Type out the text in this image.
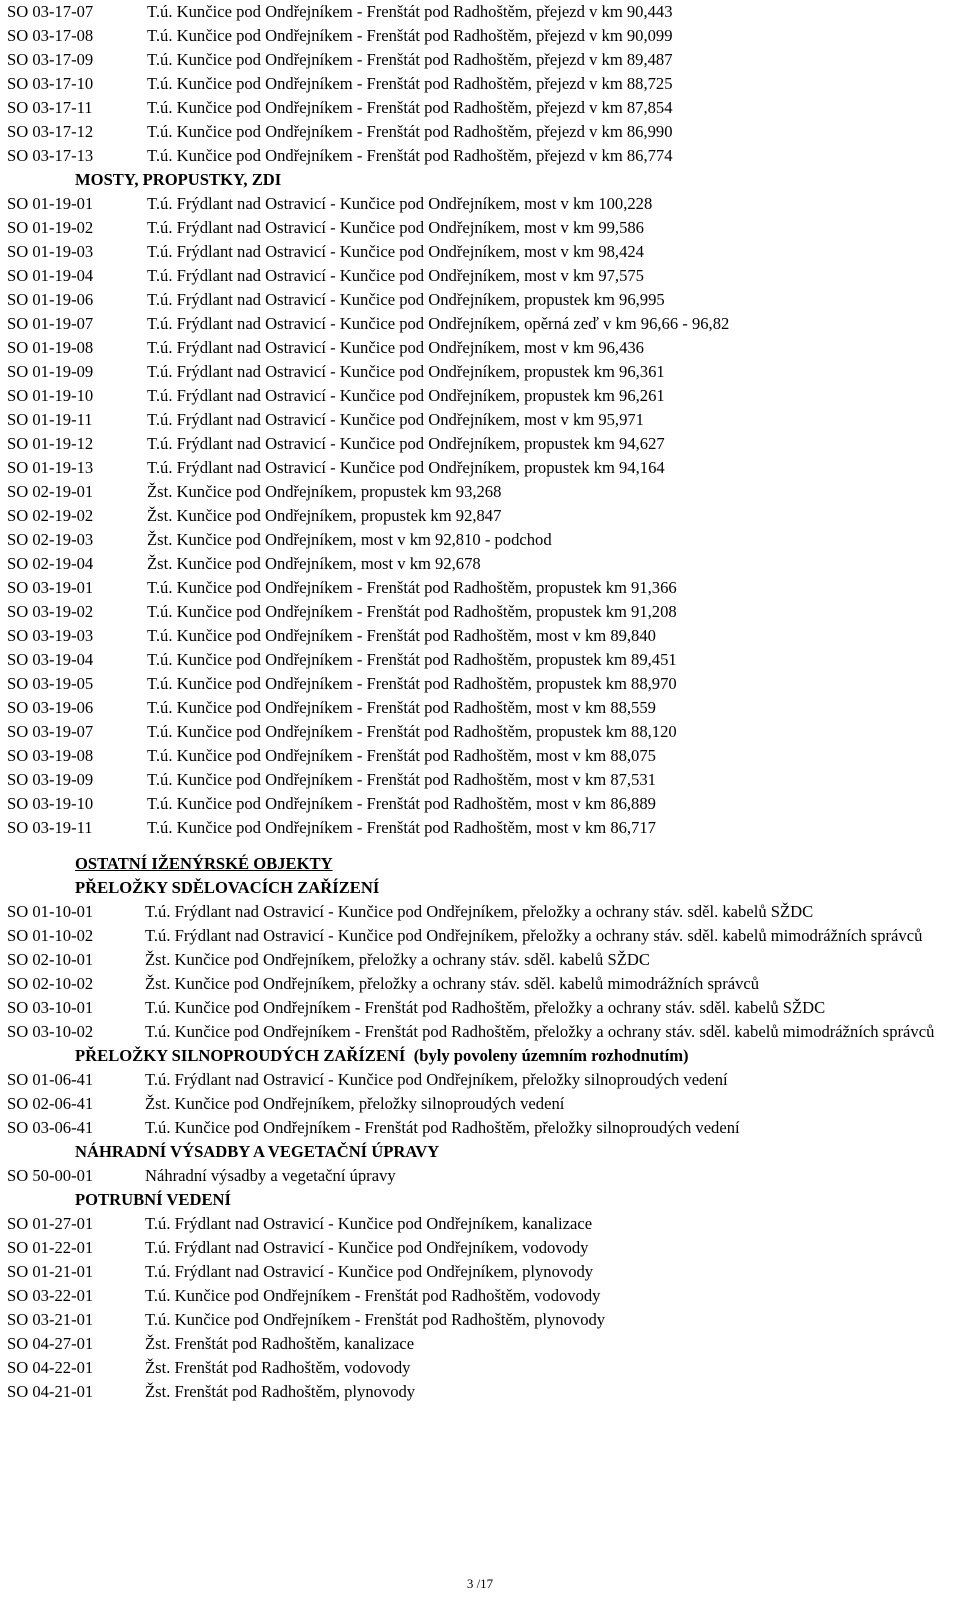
SO 03-17-07	T.ú. Kunčice pod Ondřejníkem - Frenštát pod Radhoštěm, přejezd v km 90,443
SO 03-17-08	T.ú. Kunčice pod Ondřejníkem - Frenštát pod Radhoštěm, přejezd v km 90,099
SO 03-17-09	T.ú. Kunčice pod Ondřejníkem - Frenštát pod Radhoštěm, přejezd v km 89,487
SO 03-17-10	T.ú. Kunčice pod Ondřejníkem - Frenštát pod Radhoštěm, přejezd v km 88,725
SO 03-17-11	T.ú. Kunčice pod Ondřejníkem - Frenštát pod Radhoštěm, přejezd v km 87,854
SO 03-17-12	T.ú. Kunčice pod Ondřejníkem - Frenštát pod Radhoštěm, přejezd v km 86,990
SO 03-17-13	T.ú. Kunčice pod Ondřejníkem - Frenštát pod Radhoštěm, přejezd v km 86,774
MOSTY, PROPUSTKY, ZDI
SO 01-19-01	T.ú. Frýdlant nad Ostravicí - Kunčice pod Ondřejníkem, most v km 100,228
SO 01-19-02	T.ú. Frýdlant nad Ostravicí - Kunčice pod Ondřejníkem, most v km 99,586
SO 01-19-03	T.ú. Frýdlant nad Ostravicí - Kunčice pod Ondřejníkem, most v km 98,424
SO 01-19-04	T.ú. Frýdlant nad Ostravicí - Kunčice pod Ondřejníkem, most v km 97,575
SO 01-19-06	T.ú. Frýdlant nad Ostravicí - Kunčice pod Ondřejníkem, propustek km 96,995
SO 01-19-07	T.ú. Frýdlant nad Ostravicí - Kunčice pod Ondřejníkem, opěrná zeď v km 96,66 - 96,82
SO 01-19-08	T.ú. Frýdlant nad Ostravicí - Kunčice pod Ondřejníkem, most v km 96,436
SO 01-19-09	T.ú. Frýdlant nad Ostravicí - Kunčice pod Ondřejníkem, propustek km 96,361
SO 01-19-10	T.ú. Frýdlant nad Ostravicí - Kunčice pod Ondřejníkem, propustek km 96,261
SO 01-19-11	T.ú. Frýdlant nad Ostravicí - Kunčice pod Ondřejníkem, most v km 95,971
SO 01-19-12	T.ú. Frýdlant nad Ostravicí - Kunčice pod Ondřejníkem, propustek km 94,627
SO 01-19-13	T.ú. Frýdlant nad Ostravicí - Kunčice pod Ondřejníkem, propustek km 94,164
SO 02-19-01	Žst. Kunčice pod Ondřejníkem, propustek km 93,268
SO 02-19-02	Žst. Kunčice pod Ondřejníkem, propustek km 92,847
SO 02-19-03	Žst. Kunčice pod Ondřejníkem, most v km 92,810 - podchod
SO 02-19-04	Žst. Kunčice pod Ondřejníkem, most v km 92,678
SO 03-19-01	T.ú. Kunčice pod Ondřejníkem - Frenštát pod Radhoštěm, propustek km 91,366
SO 03-19-02	T.ú. Kunčice pod Ondřejníkem - Frenštát pod Radhoštěm, propustek km 91,208
SO 03-19-03	T.ú. Kunčice pod Ondřejníkem - Frenštát pod Radhoštěm, most v km 89,840
SO 03-19-04	T.ú. Kunčice pod Ondřejníkem - Frenštát pod Radhoštěm, propustek km 89,451
SO 03-19-05	T.ú. Kunčice pod Ondřejníkem - Frenštát pod Radhoštěm, propustek km 88,970
SO 03-19-06	T.ú. Kunčice pod Ondřejníkem - Frenštát pod Radhoštěm, most v km 88,559
SO 03-19-07	T.ú. Kunčice pod Ondřejníkem - Frenštát pod Radhoštěm, propustek km 88,120
SO 03-19-08	T.ú. Kunčice pod Ondřejníkem - Frenštát pod Radhoštěm, most v km 88,075
SO 03-19-09	T.ú. Kunčice pod Ondřejníkem - Frenštát pod Radhoštěm, most v km 87,531
SO 03-19-10	T.ú. Kunčice pod Ondřejníkem - Frenštát pod Radhoštěm, most v km 86,889
SO 03-19-11	T.ú. Kunčice pod Ondřejníkem - Frenštát pod Radhoštěm, most v km 86,717
OSTATNÍ IŽENÝRSKÉ OBJEKTY
PŘELOŽKY SDĚLOVACÍCH ZAŘÍZENÍ
SO 01-10-01	T.ú. Frýdlant nad Ostravicí - Kunčice pod Ondřejníkem, přeložky a ochrany stáv. sděl. kabelů SŽDC
SO 01-10-02	T.ú. Frýdlant nad Ostravicí - Kunčice pod Ondřejníkem, přeložky a ochrany stáv. sděl. kabelů mimodrážních správců
SO 02-10-01	Žst. Kunčice pod Ondřejníkem, přeložky a ochrany stáv. sděl. kabelů SŽDC
SO 02-10-02	Žst. Kunčice pod Ondřejníkem, přeložky a ochrany stáv. sděl. kabelů mimodrážních správců
SO 03-10-01	T.ú. Kunčice pod Ondřejníkem - Frenštát pod Radhoštěm, přeložky a ochrany stáv. sděl. kabelů SŽDC
SO 03-10-02	T.ú. Kunčice pod Ondřejníkem - Frenštát pod Radhoštěm, přeložky a ochrany stáv. sděl. kabelů mimodrážních správců
PŘELOŽKY SILNOPROUDÝCH ZAŘÍZENÍ (byly povoleny územním rozhodnutím)
SO 01-06-41	T.ú. Frýdlant nad Ostravicí - Kunčice pod Ondřejníkem, přeložky silnoproudých vedení
SO 02-06-41	Žst. Kunčice pod Ondřejníkem, přeložky silnoproudých vedení
SO 03-06-41	T.ú. Kunčice pod Ondřejníkem - Frenštát pod Radhoštěm, přeložky silnoproudých vedení
NÁHRADNÍ VÝSADBY A VEGETAČNÍ ÚPRAVY
SO 50-00-01	Náhradní výsadby a vegetační úpravy
POTRUBNÍ VEDENÍ
SO 01-27-01	T.ú. Frýdlant nad Ostravicí - Kunčice pod Ondřejníkem, kanalizace
SO 01-22-01	T.ú. Frýdlant nad Ostravicí - Kunčice pod Ondřejníkem, vodovody
SO 01-21-01	T.ú. Frýdlant nad Ostravicí - Kunčice pod Ondřejníkem, plynovody
SO 03-22-01	T.ú. Kunčice pod Ondřejníkem - Frenštát pod Radhoštěm, vodovody
SO 03-21-01	T.ú. Kunčice pod Ondřejníkem - Frenštát pod Radhoštěm, plynovody
SO 04-27-01	Žst. Frenštát pod Radhoštěm, kanalizace
SO 04-22-01	Žst. Frenštát pod Radhoštěm, vodovody
SO 04-21-01	Žst. Frenštát pod Radhoštěm, plynovody
3 /17
